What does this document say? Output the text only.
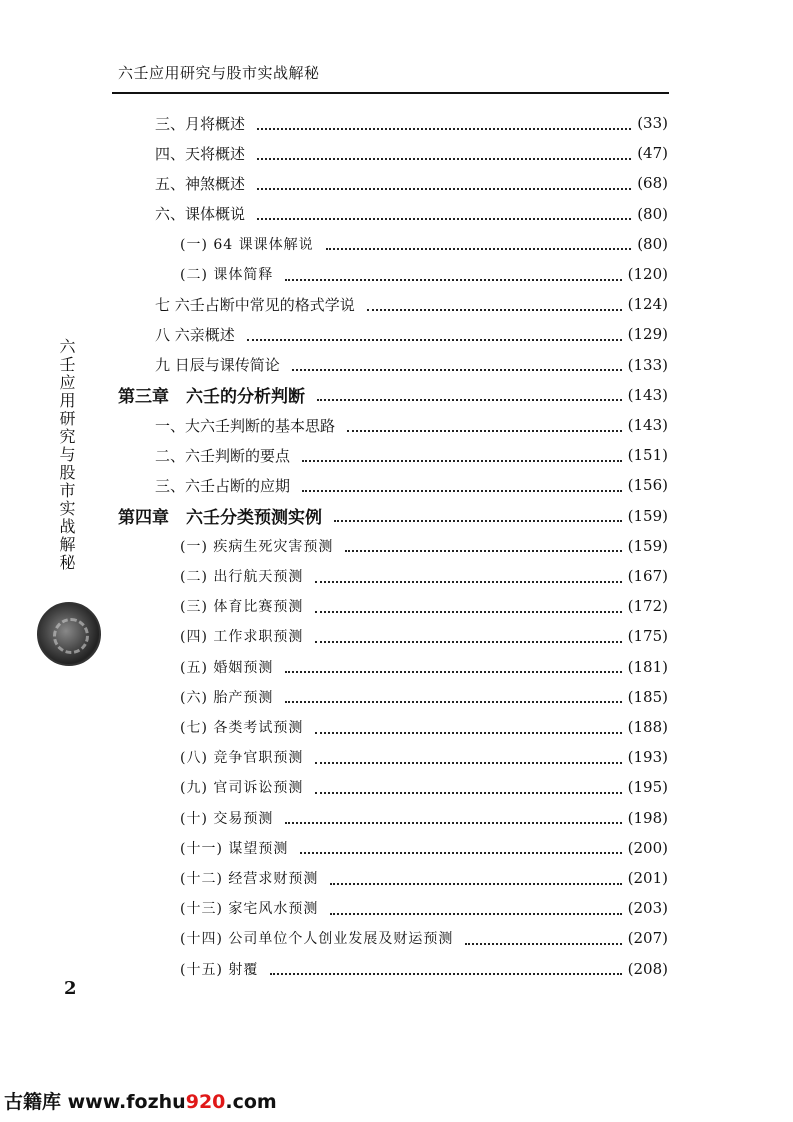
六壬应用研究与股市实战解秘
三、月将概述	(33)
四、天将概述	(47)
五、神煞概述	(68)
六、课体概说	(80)
(一) 64 课课体解说	(80)
(二) 课体简释	(120)
七 六壬占断中常见的格式学说	(124)
八 六亲概述	(129)
九 日辰与课传简论	(133)
第三章　六壬的分析判断	(143)
一、大六壬判断的基本思路	(143)
二、六壬判断的要点	(151)
三、六壬占断的应期	(156)
第四章　六壬分类预测实例	(159)
(一) 疾病生死灾害预测	(159)
(二) 出行航天预测	(167)
(三) 体育比赛预测	(172)
(四) 工作求职预测	(175)
(五) 婚姻预测	(181)
(六) 胎产预测	(185)
(七) 各类考试预测	(188)
(八) 竞争官职预测	(193)
(九) 官司诉讼预测	(195)
(十) 交易预测	(198)
(十一) 谋望预测	(200)
(十二) 经营求财预测	(201)
(十三) 家宅风水预测	(203)
(十四) 公司单位个人创业发展及财运预测	(207)
(十五) 射覆	(208)
六壬应用研究与股市实战解秘
2
古籍库 www.fozhu920.com
